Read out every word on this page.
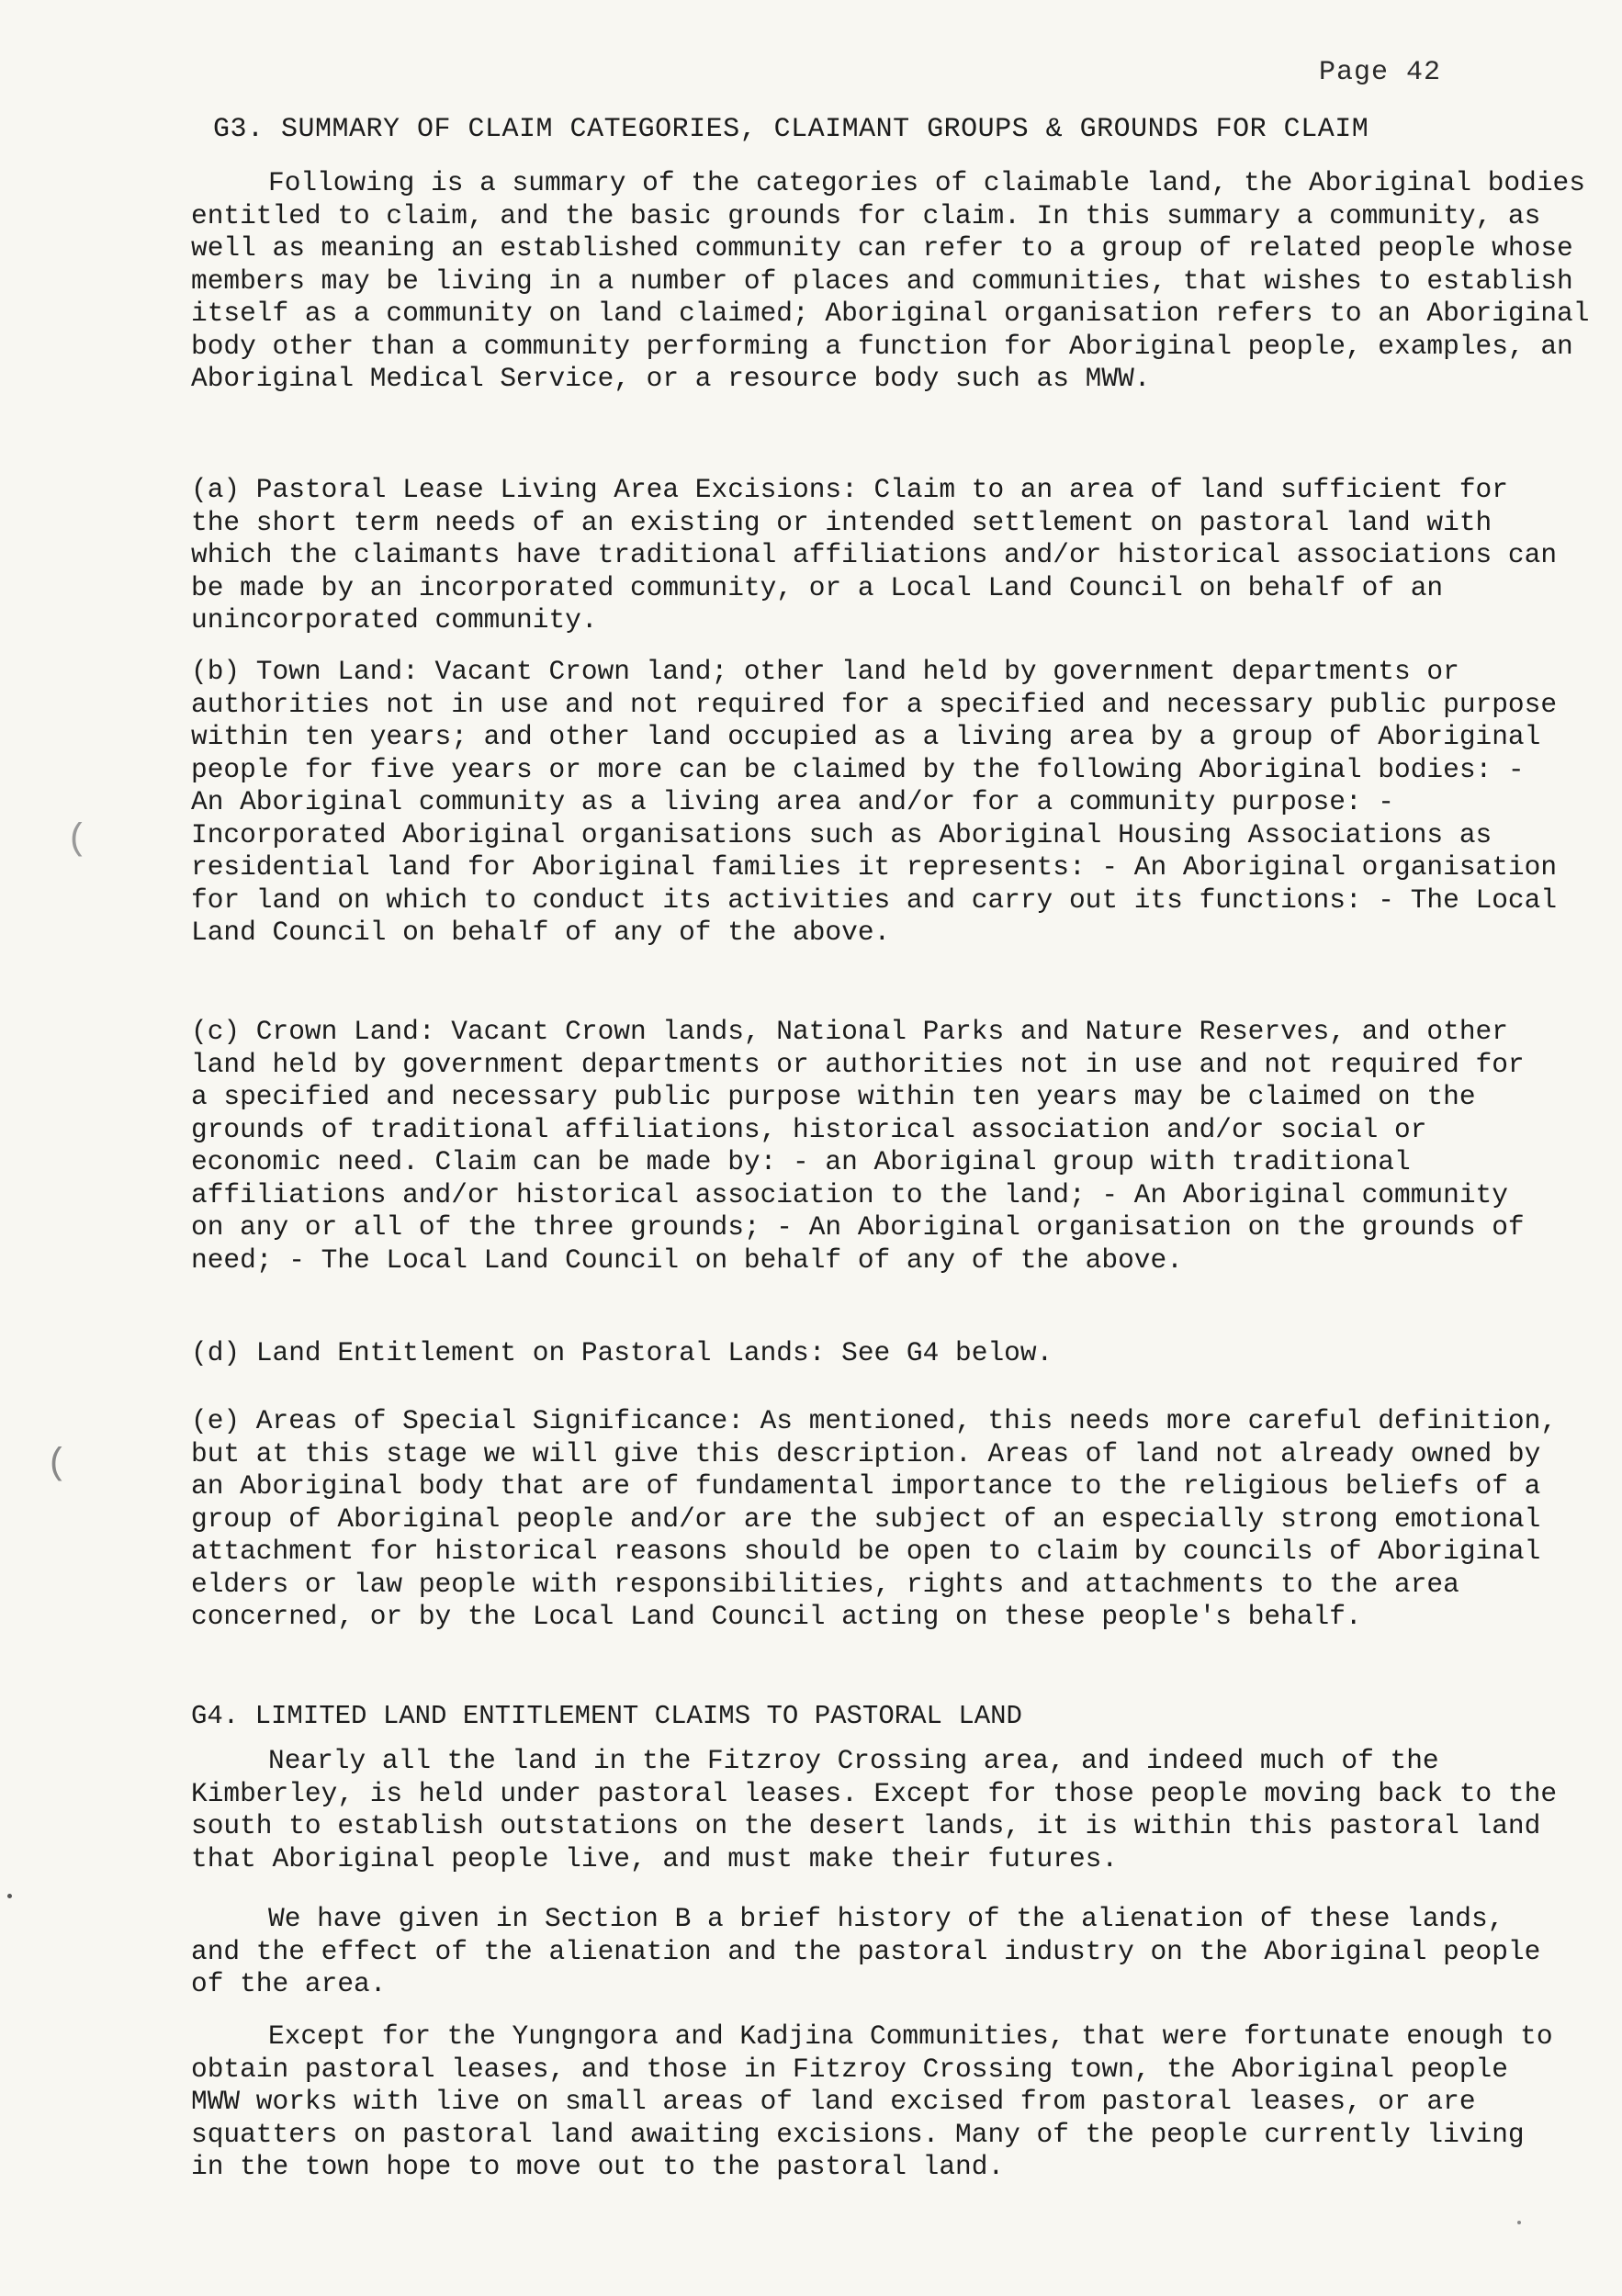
Page 42
G3. SUMMARY OF CLAIM CATEGORIES, CLAIMANT GROUPS & GROUNDS FOR CLAIM
Following is a summary of the categories of claimable land, the Aboriginal bodies entitled to claim, and the basic grounds for claim. In this summary a community, as well as meaning an established community can refer to a group of related people whose members may be living in a number of places and communities, that wishes to establish itself as a community on land claimed; Aboriginal organisation refers to an Aboriginal body other than a community performing a function for Aboriginal people, examples, an Aboriginal Medical Service, or a resource body such as MWW.
(a) Pastoral Lease Living Area Excisions: Claim to an area of land sufficient for the short term needs of an existing or intended settlement on pastoral land with which the claimants have traditional affiliations and/or historical associations can be made by an incorporated community, or a Local Land Council on behalf of an unincorporated community.
(b) Town Land: Vacant Crown land; other land held by government departments or authorities not in use and not required for a specified and necessary public purpose within ten years; and other land occupied as a living area by a group of Aboriginal people for five years or more can be claimed by the following Aboriginal bodies: - An Aboriginal community as a living area and/or for a community purpose: - Incorporated Aboriginal organisations such as Aboriginal Housing Associations as residential land for Aboriginal families it represents: - An Aboriginal organisation for land on which to conduct its activities and carry out its functions: - The Local Land Council on behalf of any of the above.
(c) Crown Land: Vacant Crown lands, National Parks and Nature Reserves, and other land held by government departments or authorities not in use and not required for a specified and necessary public purpose within ten years may be claimed on the grounds of traditional affiliations, historical association and/or social or economic need. Claim can be made by: - an Aboriginal group with traditional affiliations and/or historical association to the land; - An Aboriginal community on any or all of the three grounds; - An Aboriginal organisation on the grounds of need; - The Local Land Council on behalf of any of the above.
(d) Land Entitlement on Pastoral Lands: See G4 below.
(e) Areas of Special Significance: As mentioned, this needs more careful definition, but at this stage we will give this description. Areas of land not already owned by an Aboriginal body that are of fundamental importance to the religious beliefs of a group of Aboriginal people and/or are the subject of an especially strong emotional attachment for historical reasons should be open to claim by councils of Aboriginal elders or law people with responsibilities, rights and attachments to the area concerned, or by the Local Land Council acting on these people's behalf.
G4. LIMITED LAND ENTITLEMENT CLAIMS TO PASTORAL LAND
Nearly all the land in the Fitzroy Crossing area, and indeed much of the Kimberley, is held under pastoral leases. Except for those people moving back to the south to establish outstations on the desert lands, it is within this pastoral land that Aboriginal people live, and must make their futures.
We have given in Section B a brief history of the alienation of these lands, and the effect of the alienation and the pastoral industry on the Aboriginal people of the area.
Except for the Yungngora and Kadjina Communities, that were fortunate enough to obtain pastoral leases, and those in Fitzroy Crossing town, the Aboriginal people MWW works with live on small areas of land excised from pastoral leases, or are squatters on pastoral land awaiting excisions. Many of the people currently living in the town hope to move out to the pastoral land.
(
(
